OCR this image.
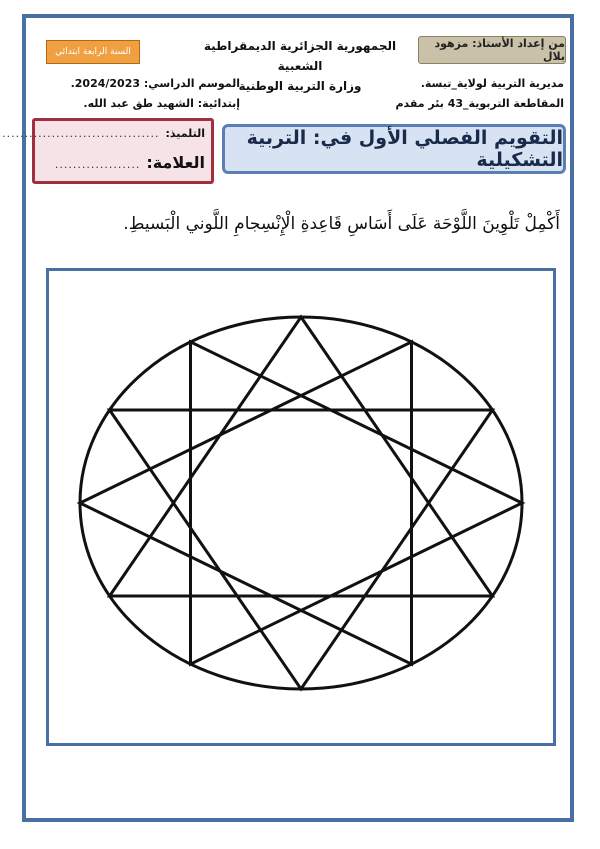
من إعداد الأستاذ: مزهود بلال
السنة الرابعة ابتدائي	الجمهورية الجزائرية الديمقراطية الشعبية
وزارة التربية الوطنية	مديرية التربية لولاية_تبسة.
المقاطعة التربوية_43 بئر مقدم
الموسم الدراسي: 2024/2023.
إبتدائية: الشهيد طق عبد الله.
التقويم الفصلي الأول في: التربية التشكيلية
التلميذ:
...................................
العلامة:
...................
أَكْمِلْ تَلْوِينَ اللَّوْحَة عَلَى أَسَاسِ قَاعِدةِ الْإِنْسِجامِ اللَّوني الْبَسيطِ.
